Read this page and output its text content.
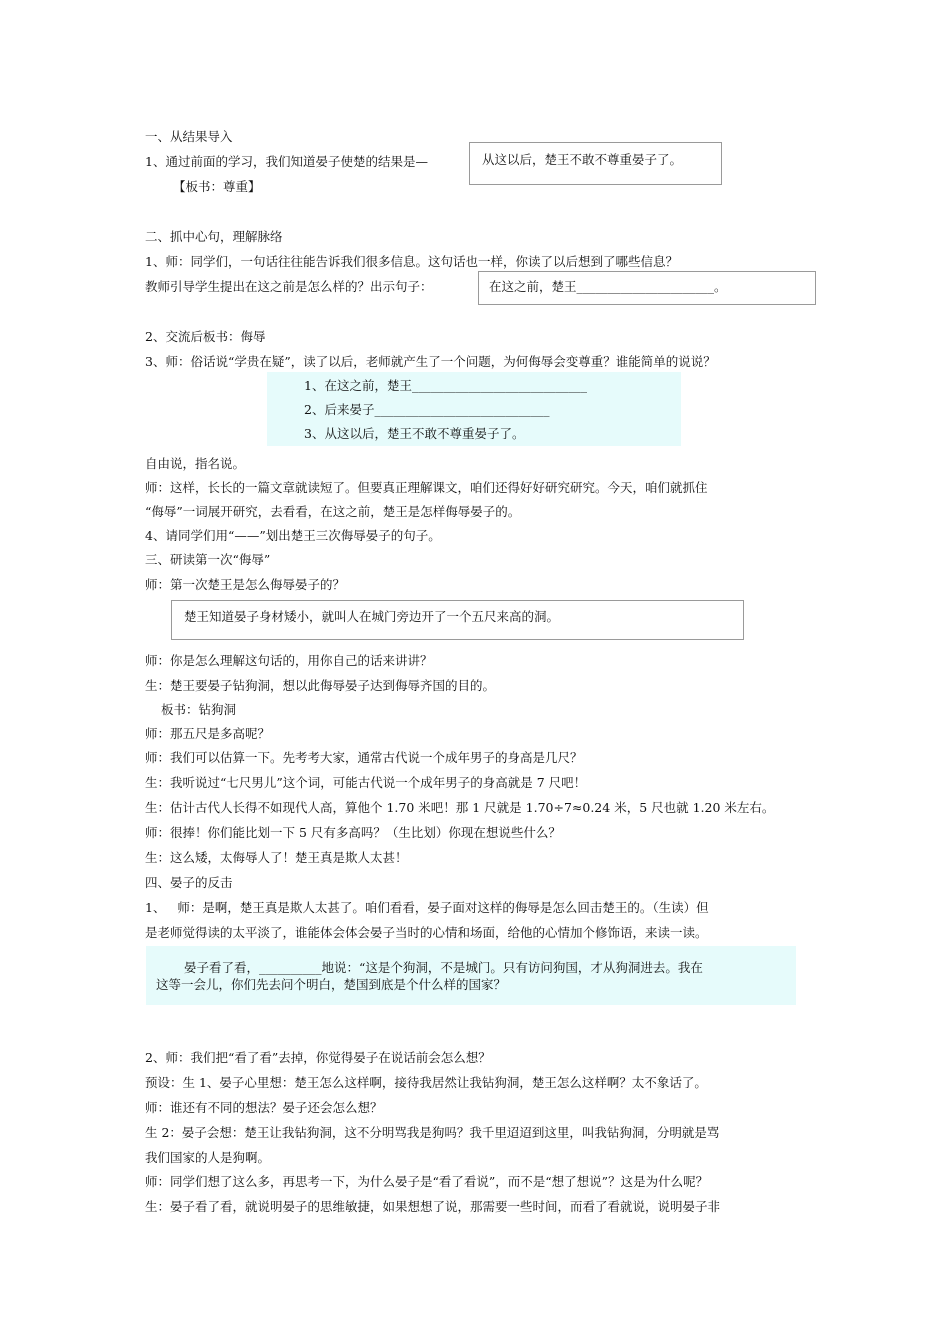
一、从结果导入
1、通过前面的学习，我们知道晏子使楚的结果是—	从这以后，楚王不敢不尊重晏子了。
【板书：尊重】
二、抓中心句，理解脉络
1、师：同学们，一句话往往能告诉我们很多信息。这句话也一样，你读了以后想到了哪些信息？
教师引导学生提出在这之前是怎么样的？出示句子：	在这之前，楚王______________________。
2、交流后板书：侮辱
3、师：俗话说“学贵在疑”，读了以后，老师就产生了一个问题，为何侮辱会变尊重？谁能简单的说说？
1、在这之前，楚王____________________________
2、后来晏子____________________________
3、从这以后，楚王不敢不尊重晏子了。
自由说，指名说。
师：这样，长长的一篇文章就读短了。但要真正理解课文，咱们还得好好研究研究。今天，咱们就抓住
“侮辱”一词展开研究，去看看，在这之前，楚王是怎样侮辱晏子的。
4、请同学们用“——”划出楚王三次侮辱晏子的句子。
三、研读第一次“侮辱”
师：第一次楚王是怎么侮辱晏子的？
楚王知道晏子身材矮小，就叫人在城门旁边开了一个五尺来高的洞。
师：你是怎么理解这句话的，用你自己的话来讲讲？
生：楚王要晏子钻狗洞，想以此侮辱晏子达到侮辱齐国的目的。
板书：钻狗洞
师：那五尺是多高呢？
师：我们可以估算一下。先考考大家，通常古代说一个成年男子的身高是几尺？
生：我听说过“七尺男儿”这个词，可能古代说一个成年男子的身高就是 7 尺吧！
生：估计古代人长得不如现代人高，算他个 1.70 米吧！那 1 尺就是 1.70÷7≈0.24 米，5 尺也就 1.20 米左右。
师：很捧！你们能比划一下 5 尺有多高吗？（生比划）你现在想说些什么？
生：这么矮，太侮辱人了！楚王真是欺人太甚！
四、晏子的反击
1、   师：是啊，楚王真是欺人太甚了。咱们看看，晏子面对这样的侮辱是怎么回击楚王的。（生读）但
是老师觉得读的太平淡了，谁能体会体会晏子当时的心情和场面，给他的心情加个修饰语，来读一读。
晏子看了看，__________地说：“这是个狗洞，不是城门。只有访问狗国，才从狗洞进去。我在
这等一会儿，你们先去问个明白，楚国到底是个什么样的国家？
2、师：我们把“看了看”去掉，你觉得晏子在说话前会怎么想？
预设：生 1、晏子心里想：楚王怎么这样啊，接待我居然让我钻狗洞，楚王怎么这样啊？太不象话了。
师：谁还有不同的想法？晏子还会怎么想？
生 2：晏子会想：楚王让我钻狗洞，这不分明骂我是狗吗？我千里迢迢到这里，叫我钻狗洞，分明就是骂
我们国家的人是狗啊。
师：同学们想了这么多，再思考一下，为什么晏子是“看了看说”，而不是“想了想说”？这是为什么呢？
生：晏子看了看，就说明晏子的思维敏捷，如果想想了说，那需要一些时间，而看了看就说，说明晏子非
